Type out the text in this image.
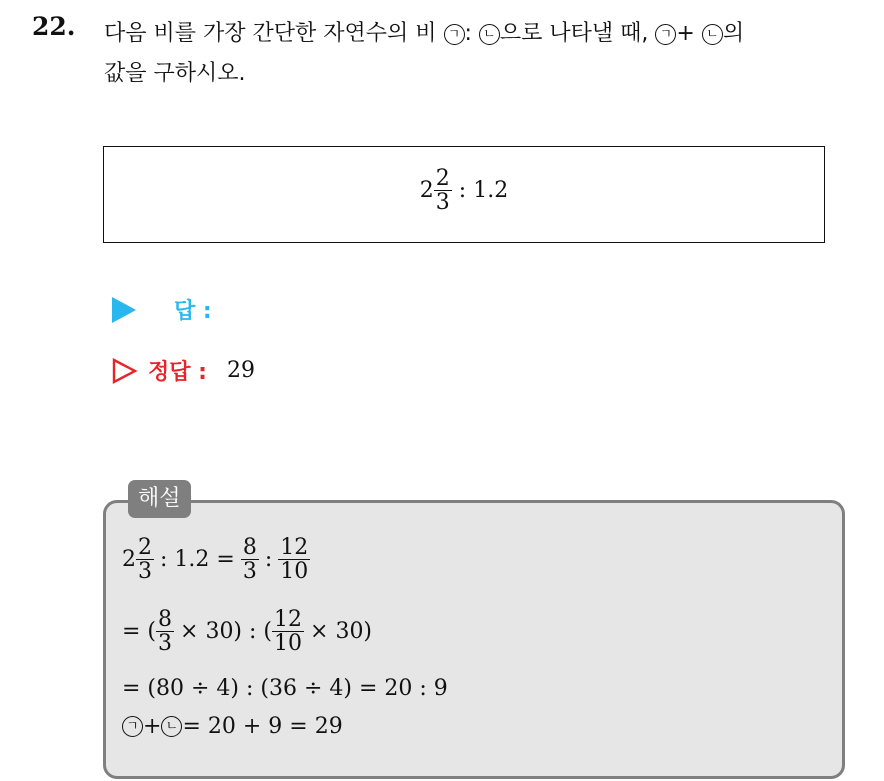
22. 다음 비를 가장 간단한 자연수의 비 ㄱ : ㄴ 으로 나타낼 때, ㄱ + ㄴ 의
값을 구하시오.
$2 \frac{2}{3}$ : 1.2
답 :
정답 : 29
해설
$2 \frac{2}{3}$ : $1.2 = \frac{8}{3}$ : $\frac{12}{10}$
= ( $\frac{8}{3} \times 30$) : ( $\frac{12}{10} \times 30$)
= (80 ÷ 4) : (36 ÷ 4) = 20 : 9
ㄱ + ㄴ = 20 + 9 = 29
